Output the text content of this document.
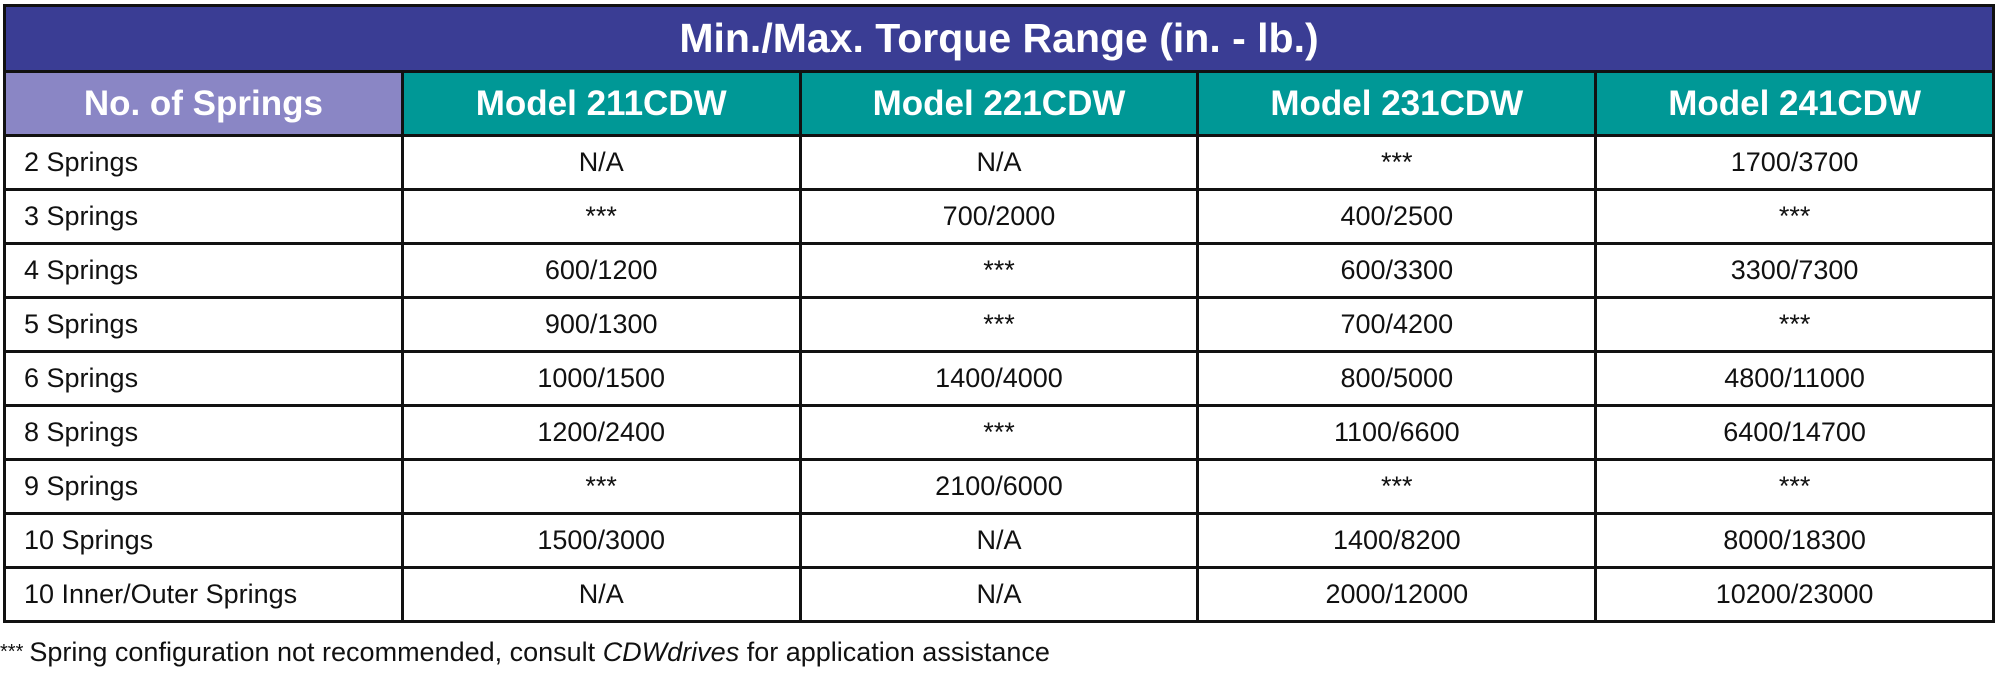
Min./Max. Torque Range (in. - lb.)				
No. of Springs	Model 211CDW	Model 221CDW	Model 231CDW	Model 241CDW
2 Springs	N/A	N/A	***	1700/3700
3 Springs	***	700/2000	400/2500	***
4 Springs	600/1200	***	600/3300	3300/7300
5 Springs	900/1300	***	700/4200	***
6 Springs	1000/1500	1400/4000	800/5000	4800/11000
8 Springs	1200/2400	***	1100/6600	6400/14700
9 Springs	***	2100/6000	***	***
10 Springs	1500/3000	N/A	1400/8200	8000/18300
10 Inner/Outer Springs	N/A	N/A	2000/12000	10200/23000
*** Spring configuration not recommended, consult CDWdrives for application assistance
